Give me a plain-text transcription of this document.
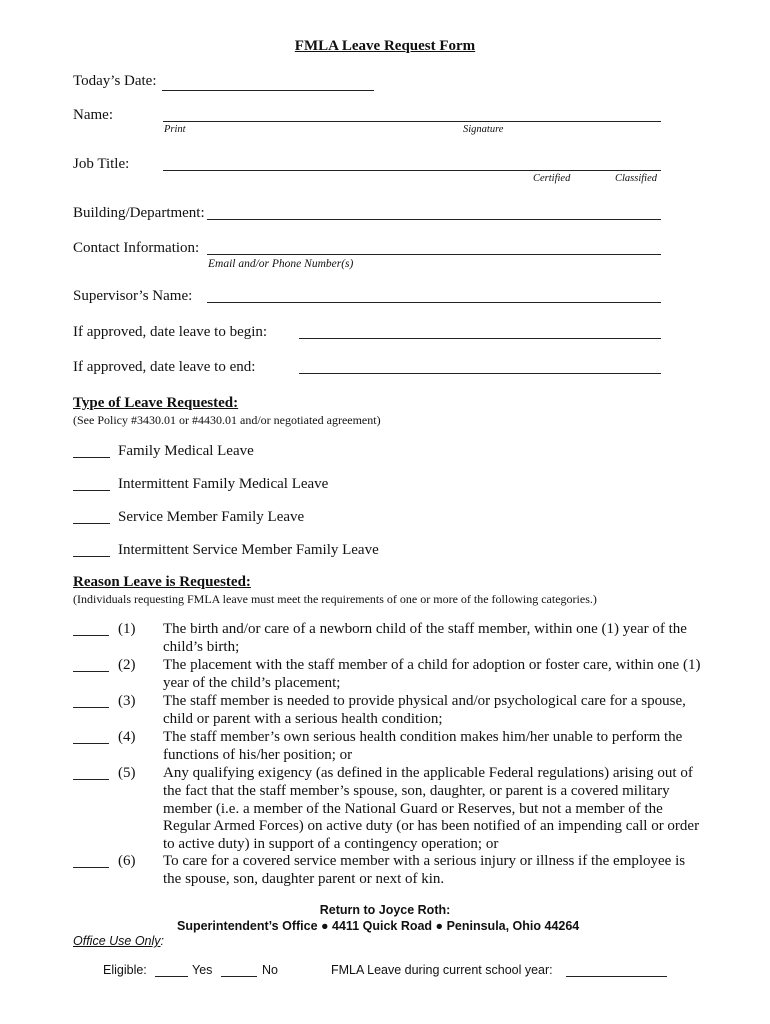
FMLA Leave Request Form
Today’s Date:
Name:
Print	Signature
Job Title:
Certified	Classified
Building/Department:
Contact Information:
Email and/or Phone Number(s)
Supervisor’s Name:
If approved, date leave to begin:
If approved, date leave to end:
Type of Leave Requested:
(See Policy #3430.01 or #4430.01 and/or negotiated agreement)
Family Medical Leave
Intermittent Family Medical Leave
Service Member Family Leave
Intermittent Service Member Family Leave
Reason Leave is Requested:
(Individuals requesting FMLA leave must meet the requirements of one or more of the following categories.)
(1) The birth and/or care of a newborn child of the staff member, within one (1) year of the child’s birth;
(2) The placement with the staff member of a child for adoption or foster care, within one (1) year of the child’s placement;
(3) The staff member is needed to provide physical and/or psychological care for a spouse, child or parent with a serious health condition;
(4) The staff member’s own serious health condition makes him/her unable to perform the functions of his/her position; or
(5) Any qualifying exigency (as defined in the applicable Federal regulations) arising out of the fact that the staff member’s spouse, son, daughter, or parent is a covered military member (i.e. a member of the National Guard or Reserves, but not a member of the Regular Armed Forces) on active duty (or has been notified of an impending call or order to active duty) in support of a contingency operation; or
(6) To care for a covered service member with a serious injury or illness if the employee is the spouse, son, daughter parent or next of kin.
Return to Joyce Roth:
Superintendent’s Office ● 4411 Quick Road ● Peninsula, Ohio 44264
Office Use Only:
Eligible:	Yes	No	FMLA Leave during current school year:
